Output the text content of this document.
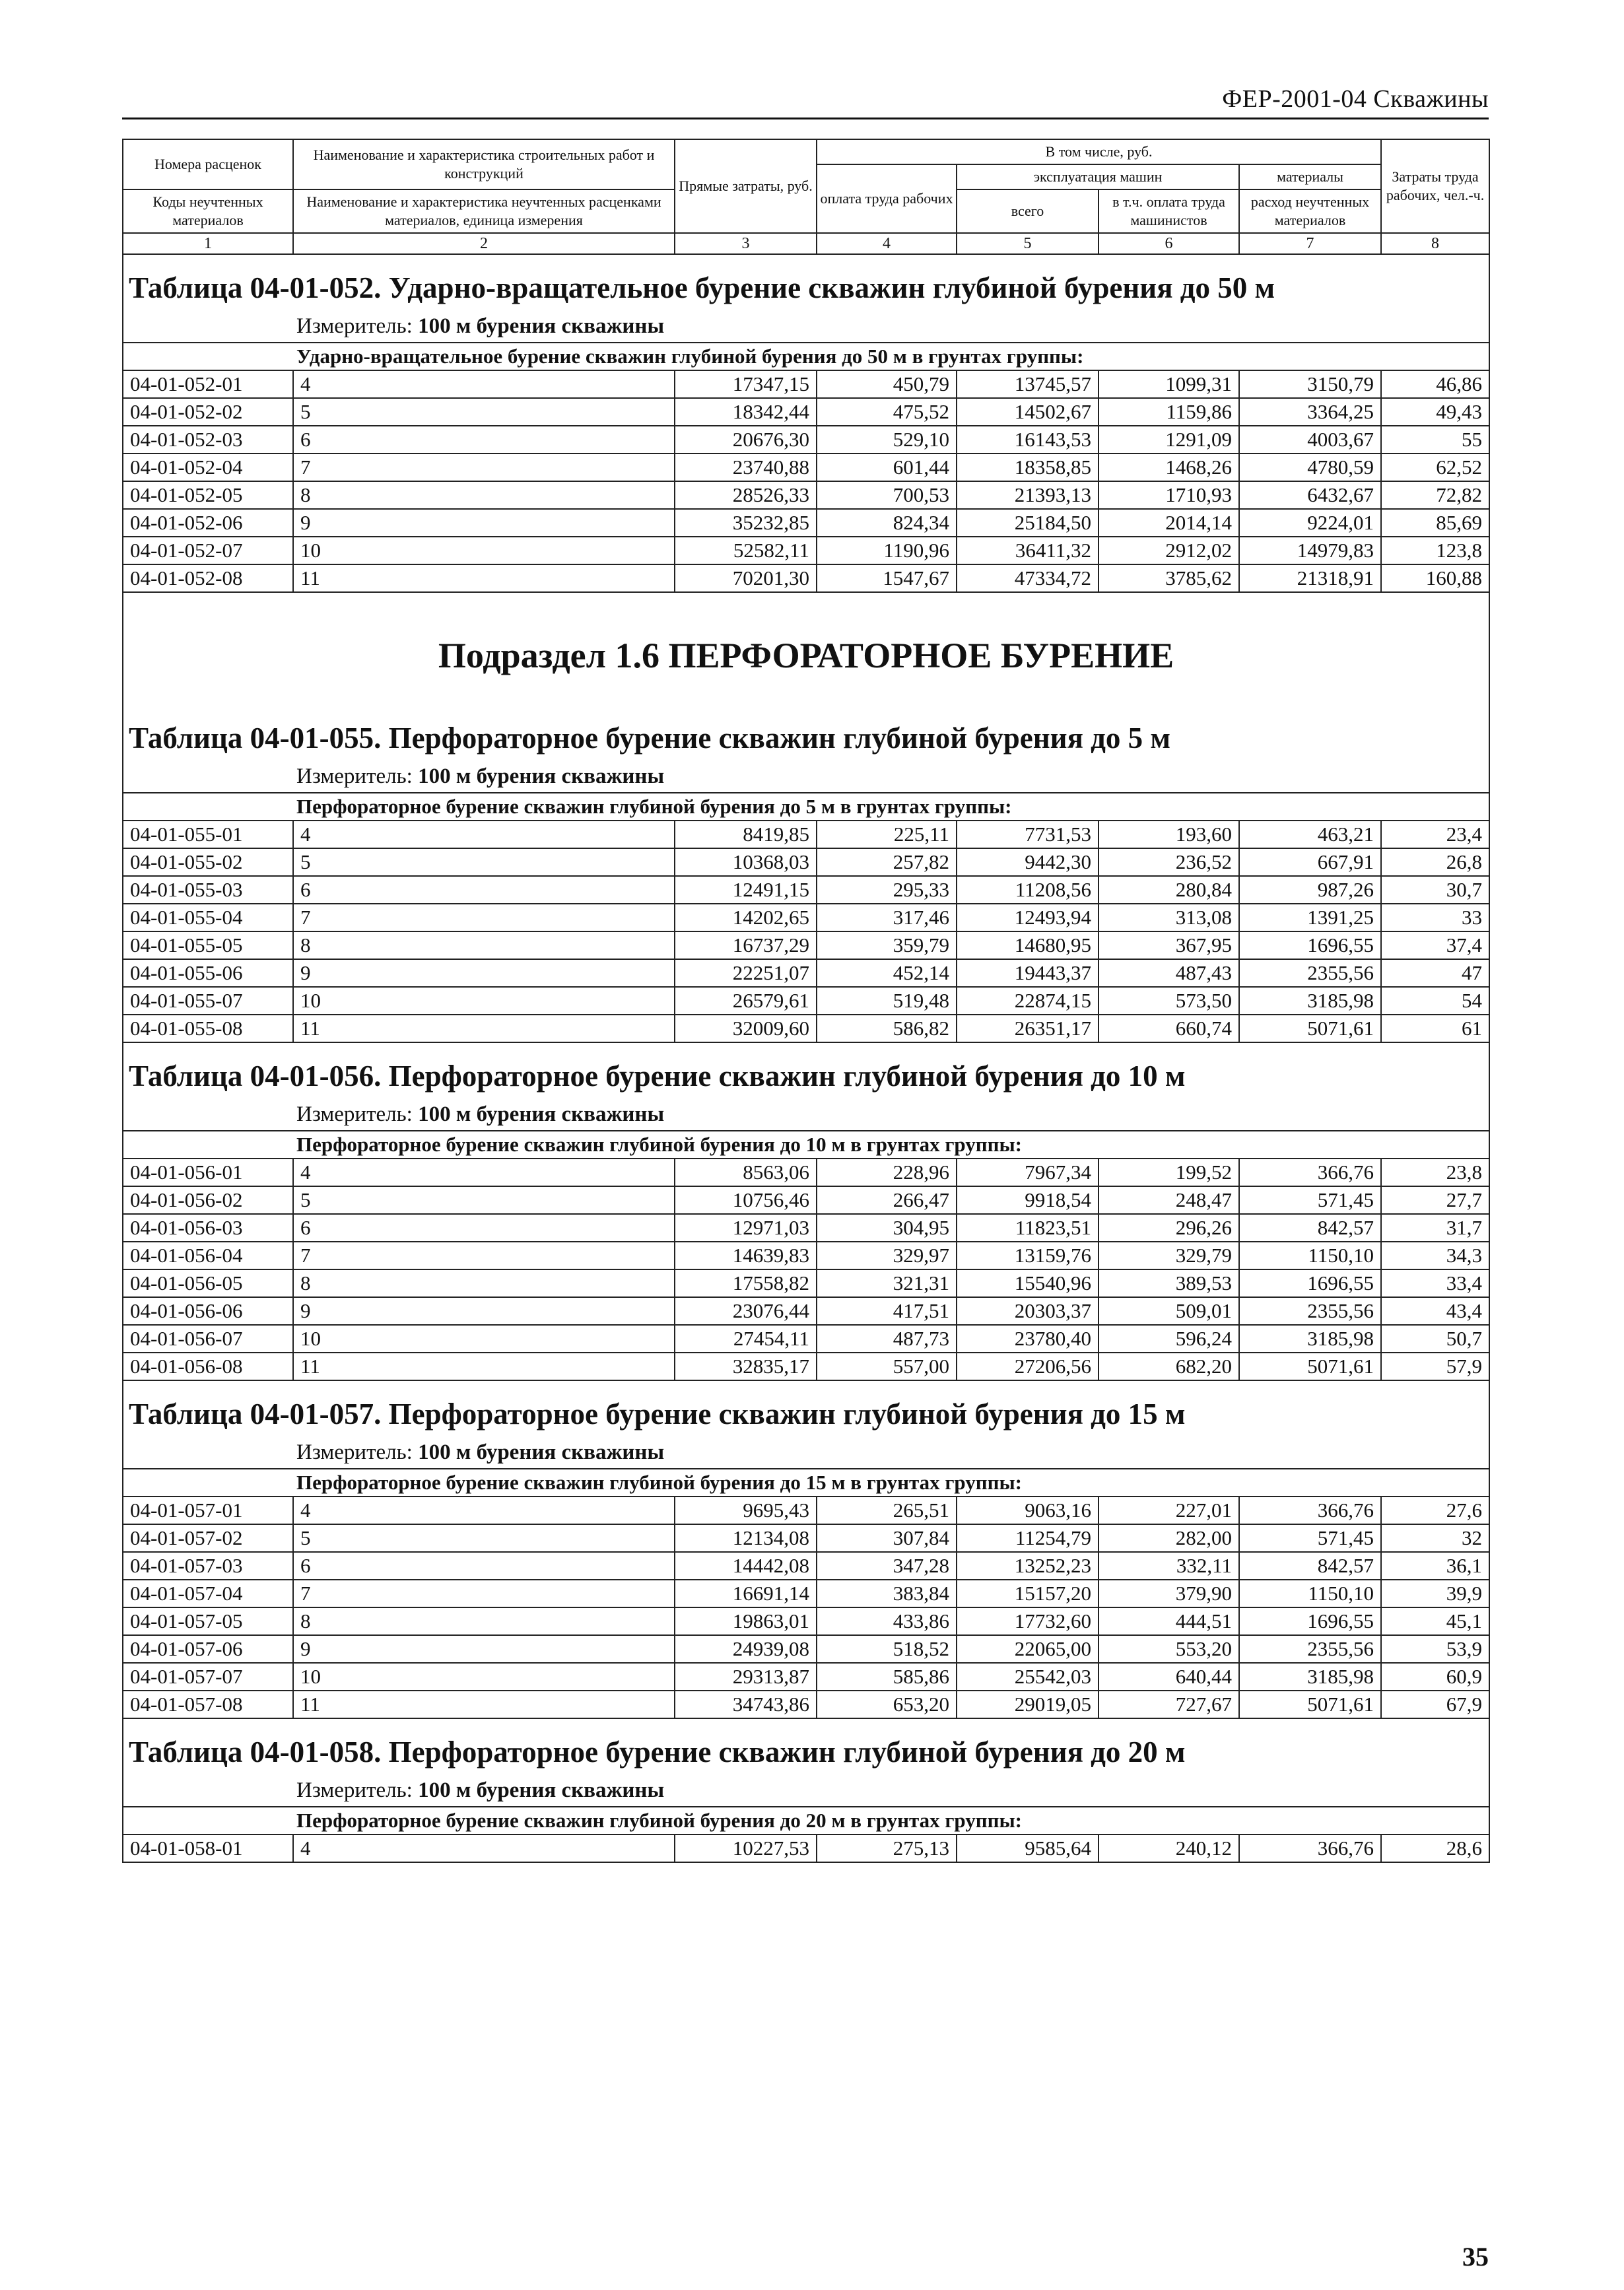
ФЕР-2001-04 Скважины
Номера расценок	Наименование и характеристика строительных работ и конструкций	Прямые затраты, руб.	В том числе, руб.				Затраты труда рабочих, чел.-ч.
			оплата труда рабочих	эксплуатация машин		материалы	
Коды неучтенных материалов	Наименование и характеристика неучтенных расценками материалов, единица измерения			всего	в т.ч. оплата труда машинистов	расход неучтенных материалов	

1	2	3	4	5	6	7	8

Таблица 04-01-052. Ударно-вращательное бурение скважин глубиной бурения до 50 м
Измеритель: 100 м бурения скважины							

Ударно-вращательное бурение скважин глубиной бурения до 50 м в грунтах группы:							
04-01-052-01	4	17347,15	450,79	13745,57	1099,31	3150,79	46,86
04-01-052-02	5	18342,44	475,52	14502,67	1159,86	3364,25	49,43
04-01-052-03	6	20676,30	529,10	16143,53	1291,09	4003,67	55
04-01-052-04	7	23740,88	601,44	18358,85	1468,26	4780,59	62,52
04-01-052-05	8	28526,33	700,53	21393,13	1710,93	6432,67	72,82
04-01-052-06	9	35232,85	824,34	25184,50	2014,14	9224,01	85,69
04-01-052-07	10	52582,11	1190,96	36411,32	2912,02	14979,83	123,8
04-01-052-08	11	70201,30	1547,67	47334,72	3785,62	21318,91	160,88

Подраздел 1.6 ПЕРФОРАТОРНОЕ БУРЕНИЕ
Таблица 04-01-055. Перфораторное бурение скважин глубиной бурения до 5 м
Измеритель: 100 м бурения скважины							

Перфораторное бурение скважин глубиной бурения до 5 м в грунтах группы:							
04-01-055-01	4	8419,85	225,11	7731,53	193,60	463,21	23,4
04-01-055-02	5	10368,03	257,82	9442,30	236,52	667,91	26,8
04-01-055-03	6	12491,15	295,33	11208,56	280,84	987,26	30,7
04-01-055-04	7	14202,65	317,46	12493,94	313,08	1391,25	33
04-01-055-05	8	16737,29	359,79	14680,95	367,95	1696,55	37,4
04-01-055-06	9	22251,07	452,14	19443,37	487,43	2355,56	47
04-01-055-07	10	26579,61	519,48	22874,15	573,50	3185,98	54
04-01-055-08	11	32009,60	586,82	26351,17	660,74	5071,61	61

Таблица 04-01-056. Перфораторное бурение скважин глубиной бурения до 10 м
Измеритель: 100 м бурения скважины							

Перфораторное бурение скважин глубиной бурения до 10 м в грунтах группы:							
04-01-056-01	4	8563,06	228,96	7967,34	199,52	366,76	23,8
04-01-056-02	5	10756,46	266,47	9918,54	248,47	571,45	27,7
04-01-056-03	6	12971,03	304,95	11823,51	296,26	842,57	31,7
04-01-056-04	7	14639,83	329,97	13159,76	329,79	1150,10	34,3
04-01-056-05	8	17558,82	321,31	15540,96	389,53	1696,55	33,4
04-01-056-06	9	23076,44	417,51	20303,37	509,01	2355,56	43,4
04-01-056-07	10	27454,11	487,73	23780,40	596,24	3185,98	50,7
04-01-056-08	11	32835,17	557,00	27206,56	682,20	5071,61	57,9

Таблица 04-01-057. Перфораторное бурение скважин глубиной бурения до 15 м
Измеритель: 100 м бурения скважины							

Перфораторное бурение скважин глубиной бурения до 15 м в грунтах группы:							
04-01-057-01	4	9695,43	265,51	9063,16	227,01	366,76	27,6
04-01-057-02	5	12134,08	307,84	11254,79	282,00	571,45	32
04-01-057-03	6	14442,08	347,28	13252,23	332,11	842,57	36,1
04-01-057-04	7	16691,14	383,84	15157,20	379,90	1150,10	39,9
04-01-057-05	8	19863,01	433,86	17732,60	444,51	1696,55	45,1
04-01-057-06	9	24939,08	518,52	22065,00	553,20	2355,56	53,9
04-01-057-07	10	29313,87	585,86	25542,03	640,44	3185,98	60,9
04-01-057-08	11	34743,86	653,20	29019,05	727,67	5071,61	67,9

Таблица 04-01-058. Перфораторное бурение скважин глубиной бурения до 20 м
Измеритель: 100 м бурения скважины							

Перфораторное бурение скважин глубиной бурения до 20 м в грунтах группы:							
04-01-058-01	4	10227,53	275,13	9585,64	240,12	366,76	28,6
35
